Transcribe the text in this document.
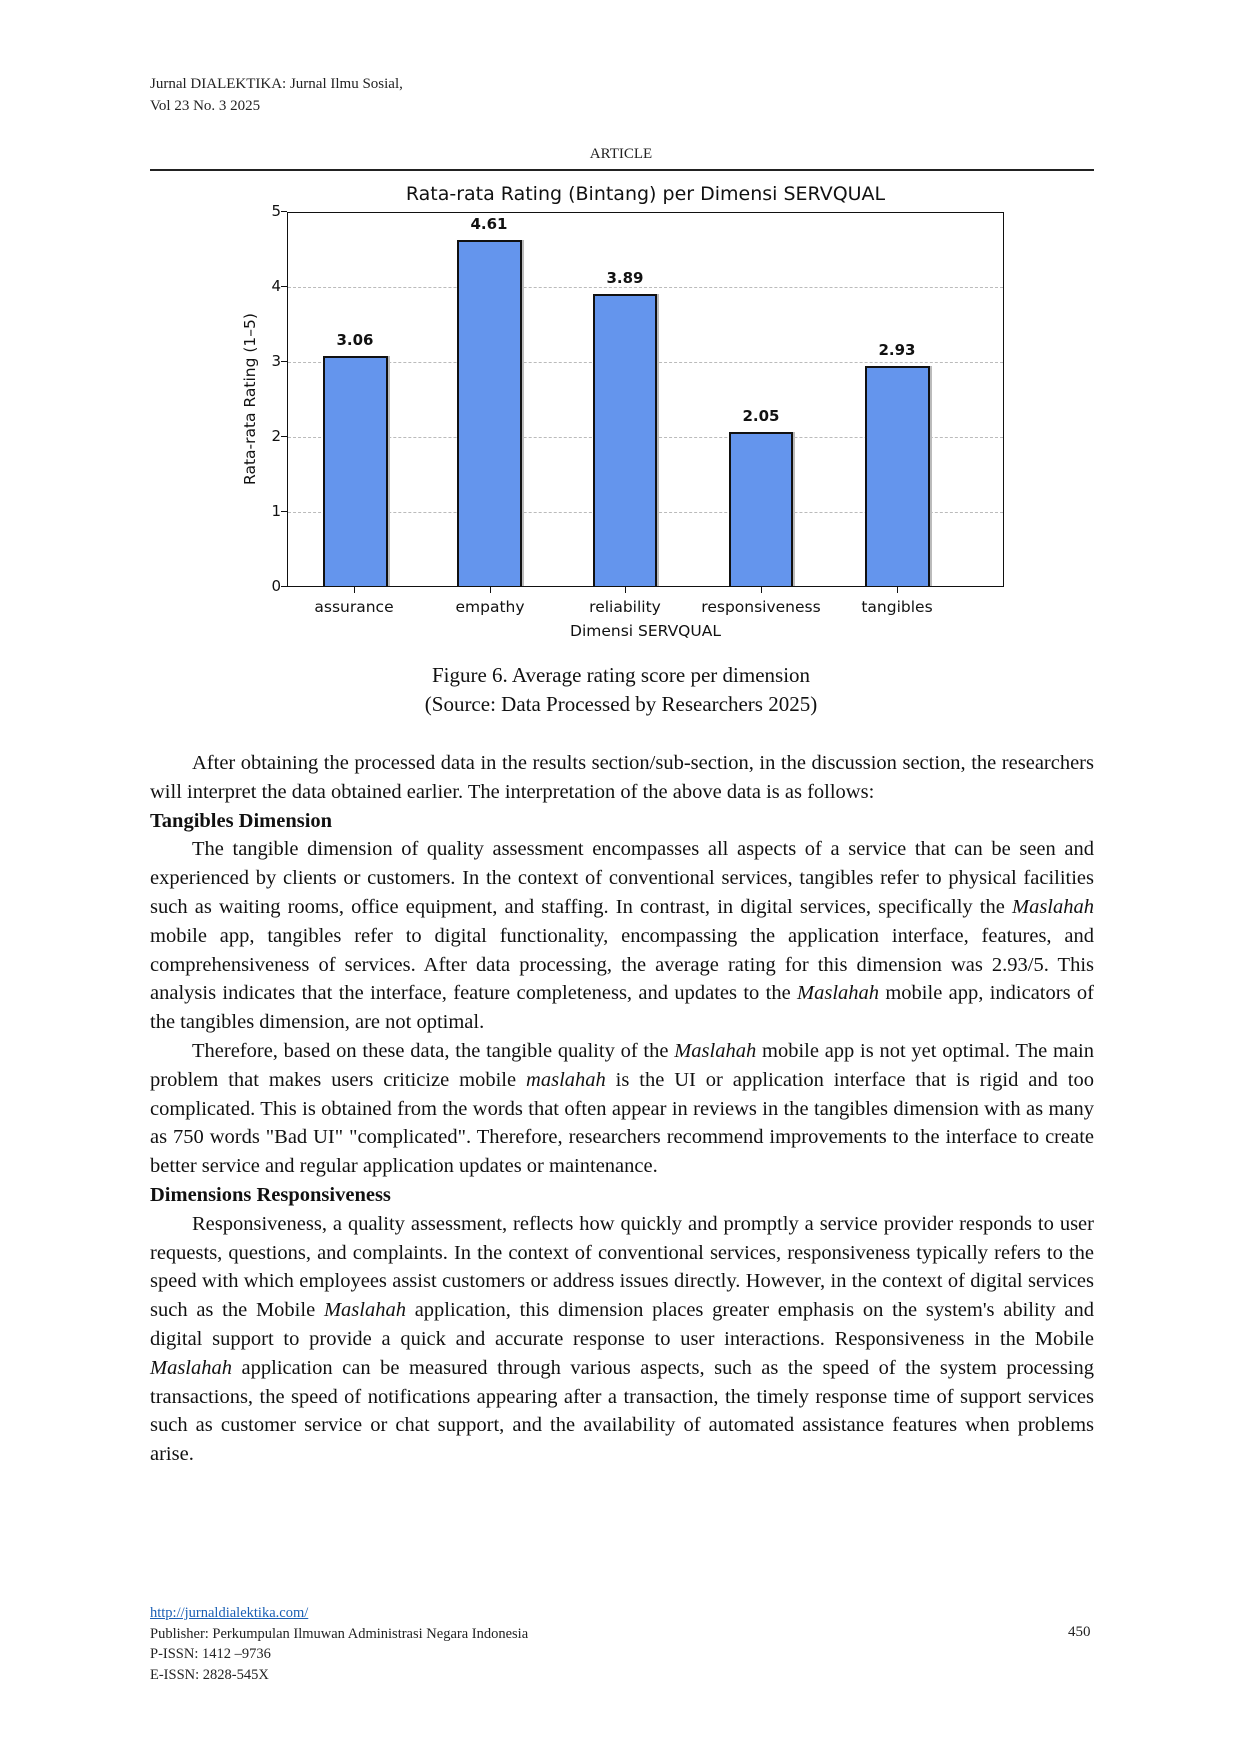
Jurnal DIALEKTIKA: Jurnal Ilmu Sosial,
Vol 23 No. 3 2025
ARTICLE
Rata-rata Rating (Bintang) per Dimensi SERVQUAL
Rata-rata Rating (1–5)
0
1
2
3
4
5
3.06
4.61
3.89
2.05
2.93
assurance	empathy	reliability	responsiveness	tangibles
Dimensi SERVQUAL
Figure 6. Average rating score per dimension
(Source: Data Processed by Researchers 2025)

After obtaining the processed data in the results section/sub-section, in the discussion section, the researchers will interpret the data obtained earlier. The interpretation of the above data is as follows:

Tangibles Dimension

The tangible dimension of quality assessment encompasses all aspects of a service that can be seen and experienced by clients or customers. In the context of conventional services, tangibles refer to physical facilities such as waiting rooms, office equipment, and staffing. In contrast, in digital services, specifically the Maslahah mobile app, tangibles refer to digital functionality, encompassing the application interface, features, and comprehensiveness of services. After data processing, the average rating for this dimension was 2.93/5. This analysis indicates that the interface, feature completeness, and updates to the Maslahah mobile app, indicators of the tangibles dimension, are not optimal.

Therefore, based on these data, the tangible quality of the Maslahah mobile app is not yet optimal. The main problem that makes users criticize mobile maslahah is the UI or application interface that is rigid and too complicated. This is obtained from the words that often appear in reviews in the tangibles dimension with as many as 750 words "Bad UI" "complicated". Therefore, researchers recommend improvements to the interface to create better service and regular application updates or maintenance.

Dimensions Responsiveness

Responsiveness, a quality assessment, reflects how quickly and promptly a service provider responds to user requests, questions, and complaints. In the context of conventional services, responsiveness typically refers to the speed with which employees assist customers or address issues directly. However, in the context of digital services such as the Mobile Maslahah application, this dimension places greater emphasis on the system's ability and digital support to provide a quick and accurate response to user interactions. Responsiveness in the Mobile Maslahah application can be measured through various aspects, such as the speed of the system processing transactions, the speed of notifications appearing after a transaction, the timely response time of support services such as customer service or chat support, and the availability of automated assistance features when problems arise.

http://jurnaldialektika.com/
Publisher: Perkumpulan Ilmuwan Administrasi Negara Indonesia
P-ISSN: 1412 –9736
E-ISSN: 2828-545X
450
